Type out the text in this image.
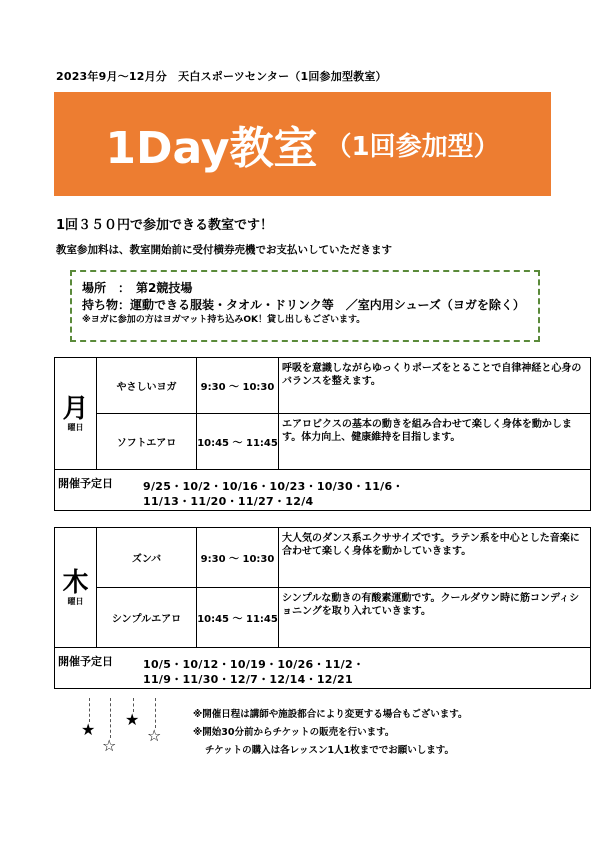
2023年9月～12月分　天白スポーツセンター（1回参加型教室）
1Day教室 （1回参加型）
1回３５０円で参加できる教室です！
教室参加料は、教室開始前に受付横券売機でお支払いしていただきます
場所　：　第2競技場
持ち物：運動できる服装・タオル・ドリンク等　／室内用シューズ（ヨガを除く）
※ヨガに参加の方はヨガマット持ち込みOK！貸し出しもございます。
月
曜日	やさしいヨガ	9:30 ～ 10:30	呼吸を意識しながらゆっくりポーズをとることで自律神経と心身のバランスを整えます。
	ソフトエアロ	10:45 ～ 11:45	エアロビクスの基本の動きを組み合わせて楽しく身体を動かします。体力向上、健康維持を目指します。

開催予定日 9/25・10/2・10/16・10/23・10/30・11/6・
11/13・11/20・11/27・12/4			
木
曜日	ズンバ	9:30 ～ 10:30	大人気のダンス系エクササイズです。ラテン系を中心とした音楽に合わせて楽しく身体を動かしていきます。
	シンプルエアロ	10:45 ～ 11:45	シンプルな動きの有酸素運動です。クールダウン時に筋コンディショニングを取り入れていきます。

開催予定日 10/5・10/12・10/19・10/26・11/2・
11/9・11/30・12/7・12/14・12/21			
★
☆
★
☆
※開催日程は講師や施設都合により変更する場合もございます。
※開始30分前からチケットの販売を行います。
チケットの購入は各レッスン1人1枚まででお願いします。
